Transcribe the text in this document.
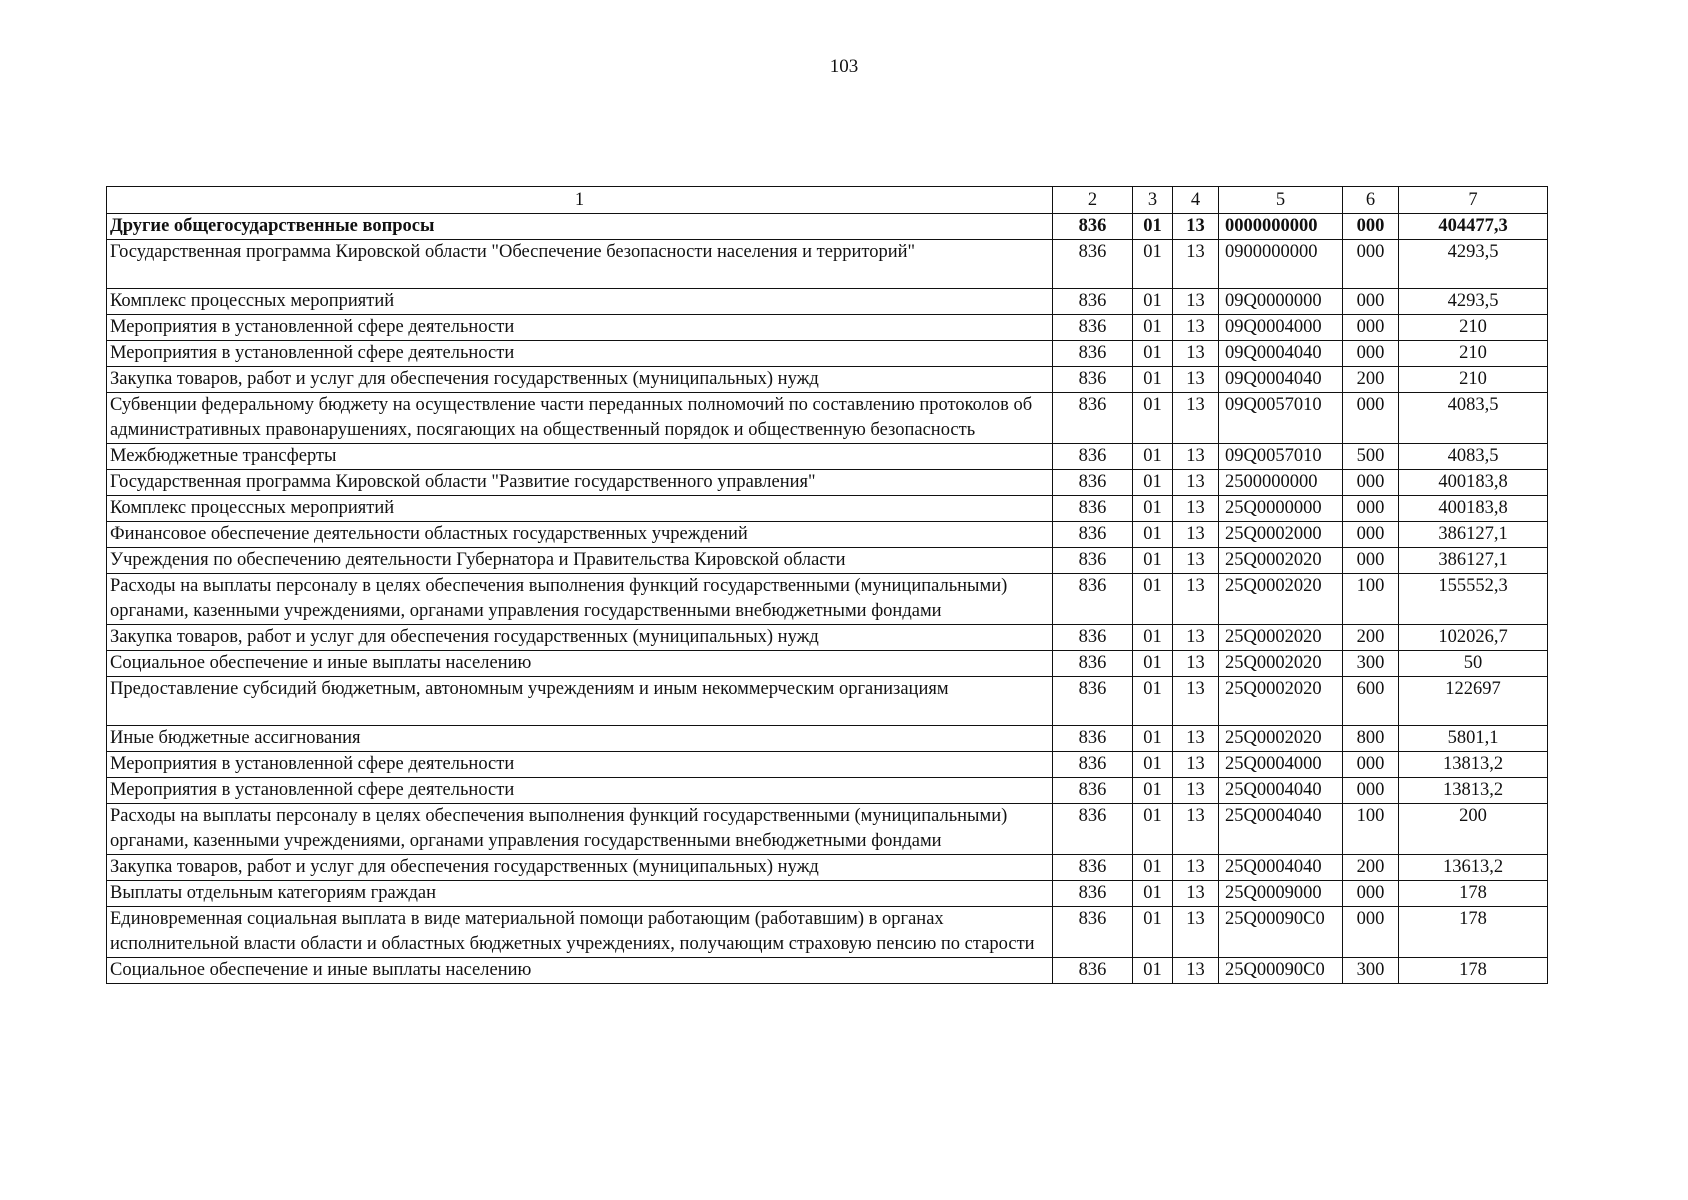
103
1	2	3	4	5	6	7
Другие общегосударственные вопросы	836	01	13	0000000000	000	404477,3
Государственная программа Кировской области "Обеспечение безопасности населения и территорий"	836	01	13	0900000000	000	4293,5
Комплекс процессных мероприятий	836	01	13	09Q0000000	000	4293,5
Мероприятия в установленной сфере деятельности	836	01	13	09Q0004000	000	210
Мероприятия в установленной сфере деятельности	836	01	13	09Q0004040	000	210
Закупка товаров, работ и услуг для обеспечения государственных (муниципальных) нужд	836	01	13	09Q0004040	200	210
Субвенции федеральному бюджету на осуществление части переданных полномочий по составлению протоколов об административных правонарушениях, посягающих на общественный порядок и общественную безопасность	836	01	13	09Q0057010	000	4083,5
Межбюджетные трансферты	836	01	13	09Q0057010	500	4083,5
Государственная программа Кировской области "Развитие государственного управления"	836	01	13	2500000000	000	400183,8
Комплекс процессных мероприятий	836	01	13	25Q0000000	000	400183,8
Финансовое обеспечение деятельности областных государственных учреждений	836	01	13	25Q0002000	000	386127,1
Учреждения по обеспечению деятельности Губернатора и Правительства Кировской области	836	01	13	25Q0002020	000	386127,1
Расходы на выплаты персоналу в целях обеспечения выполнения функций государственными (муниципальными) органами, казенными учреждениями, органами управления государственными внебюджетными фондами	836	01	13	25Q0002020	100	155552,3
Закупка товаров, работ и услуг для обеспечения государственных (муниципальных) нужд	836	01	13	25Q0002020	200	102026,7
Социальное обеспечение и иные выплаты населению	836	01	13	25Q0002020	300	50
Предоставление субсидий бюджетным, автономным учреждениям и иным некоммерческим организациям	836	01	13	25Q0002020	600	122697
Иные бюджетные ассигнования	836	01	13	25Q0002020	800	5801,1
Мероприятия в установленной сфере деятельности	836	01	13	25Q0004000	000	13813,2
Мероприятия в установленной сфере деятельности	836	01	13	25Q0004040	000	13813,2
Расходы на выплаты персоналу в целях обеспечения выполнения функций государственными (муниципальными) органами, казенными учреждениями, органами управления государственными внебюджетными фондами	836	01	13	25Q0004040	100	200
Закупка товаров, работ и услуг для обеспечения государственных (муниципальных) нужд	836	01	13	25Q0004040	200	13613,2
Выплаты отдельным категориям граждан	836	01	13	25Q0009000	000	178
Единовременная социальная выплата в виде материальной помощи работающим (работавшим) в органах исполнительной власти области и областных бюджетных учреждениях, получающим страховую пенсию по старости	836	01	13	25Q00090C0	000	178
Социальное обеспечение и иные выплаты населению	836	01	13	25Q00090C0	300	178
